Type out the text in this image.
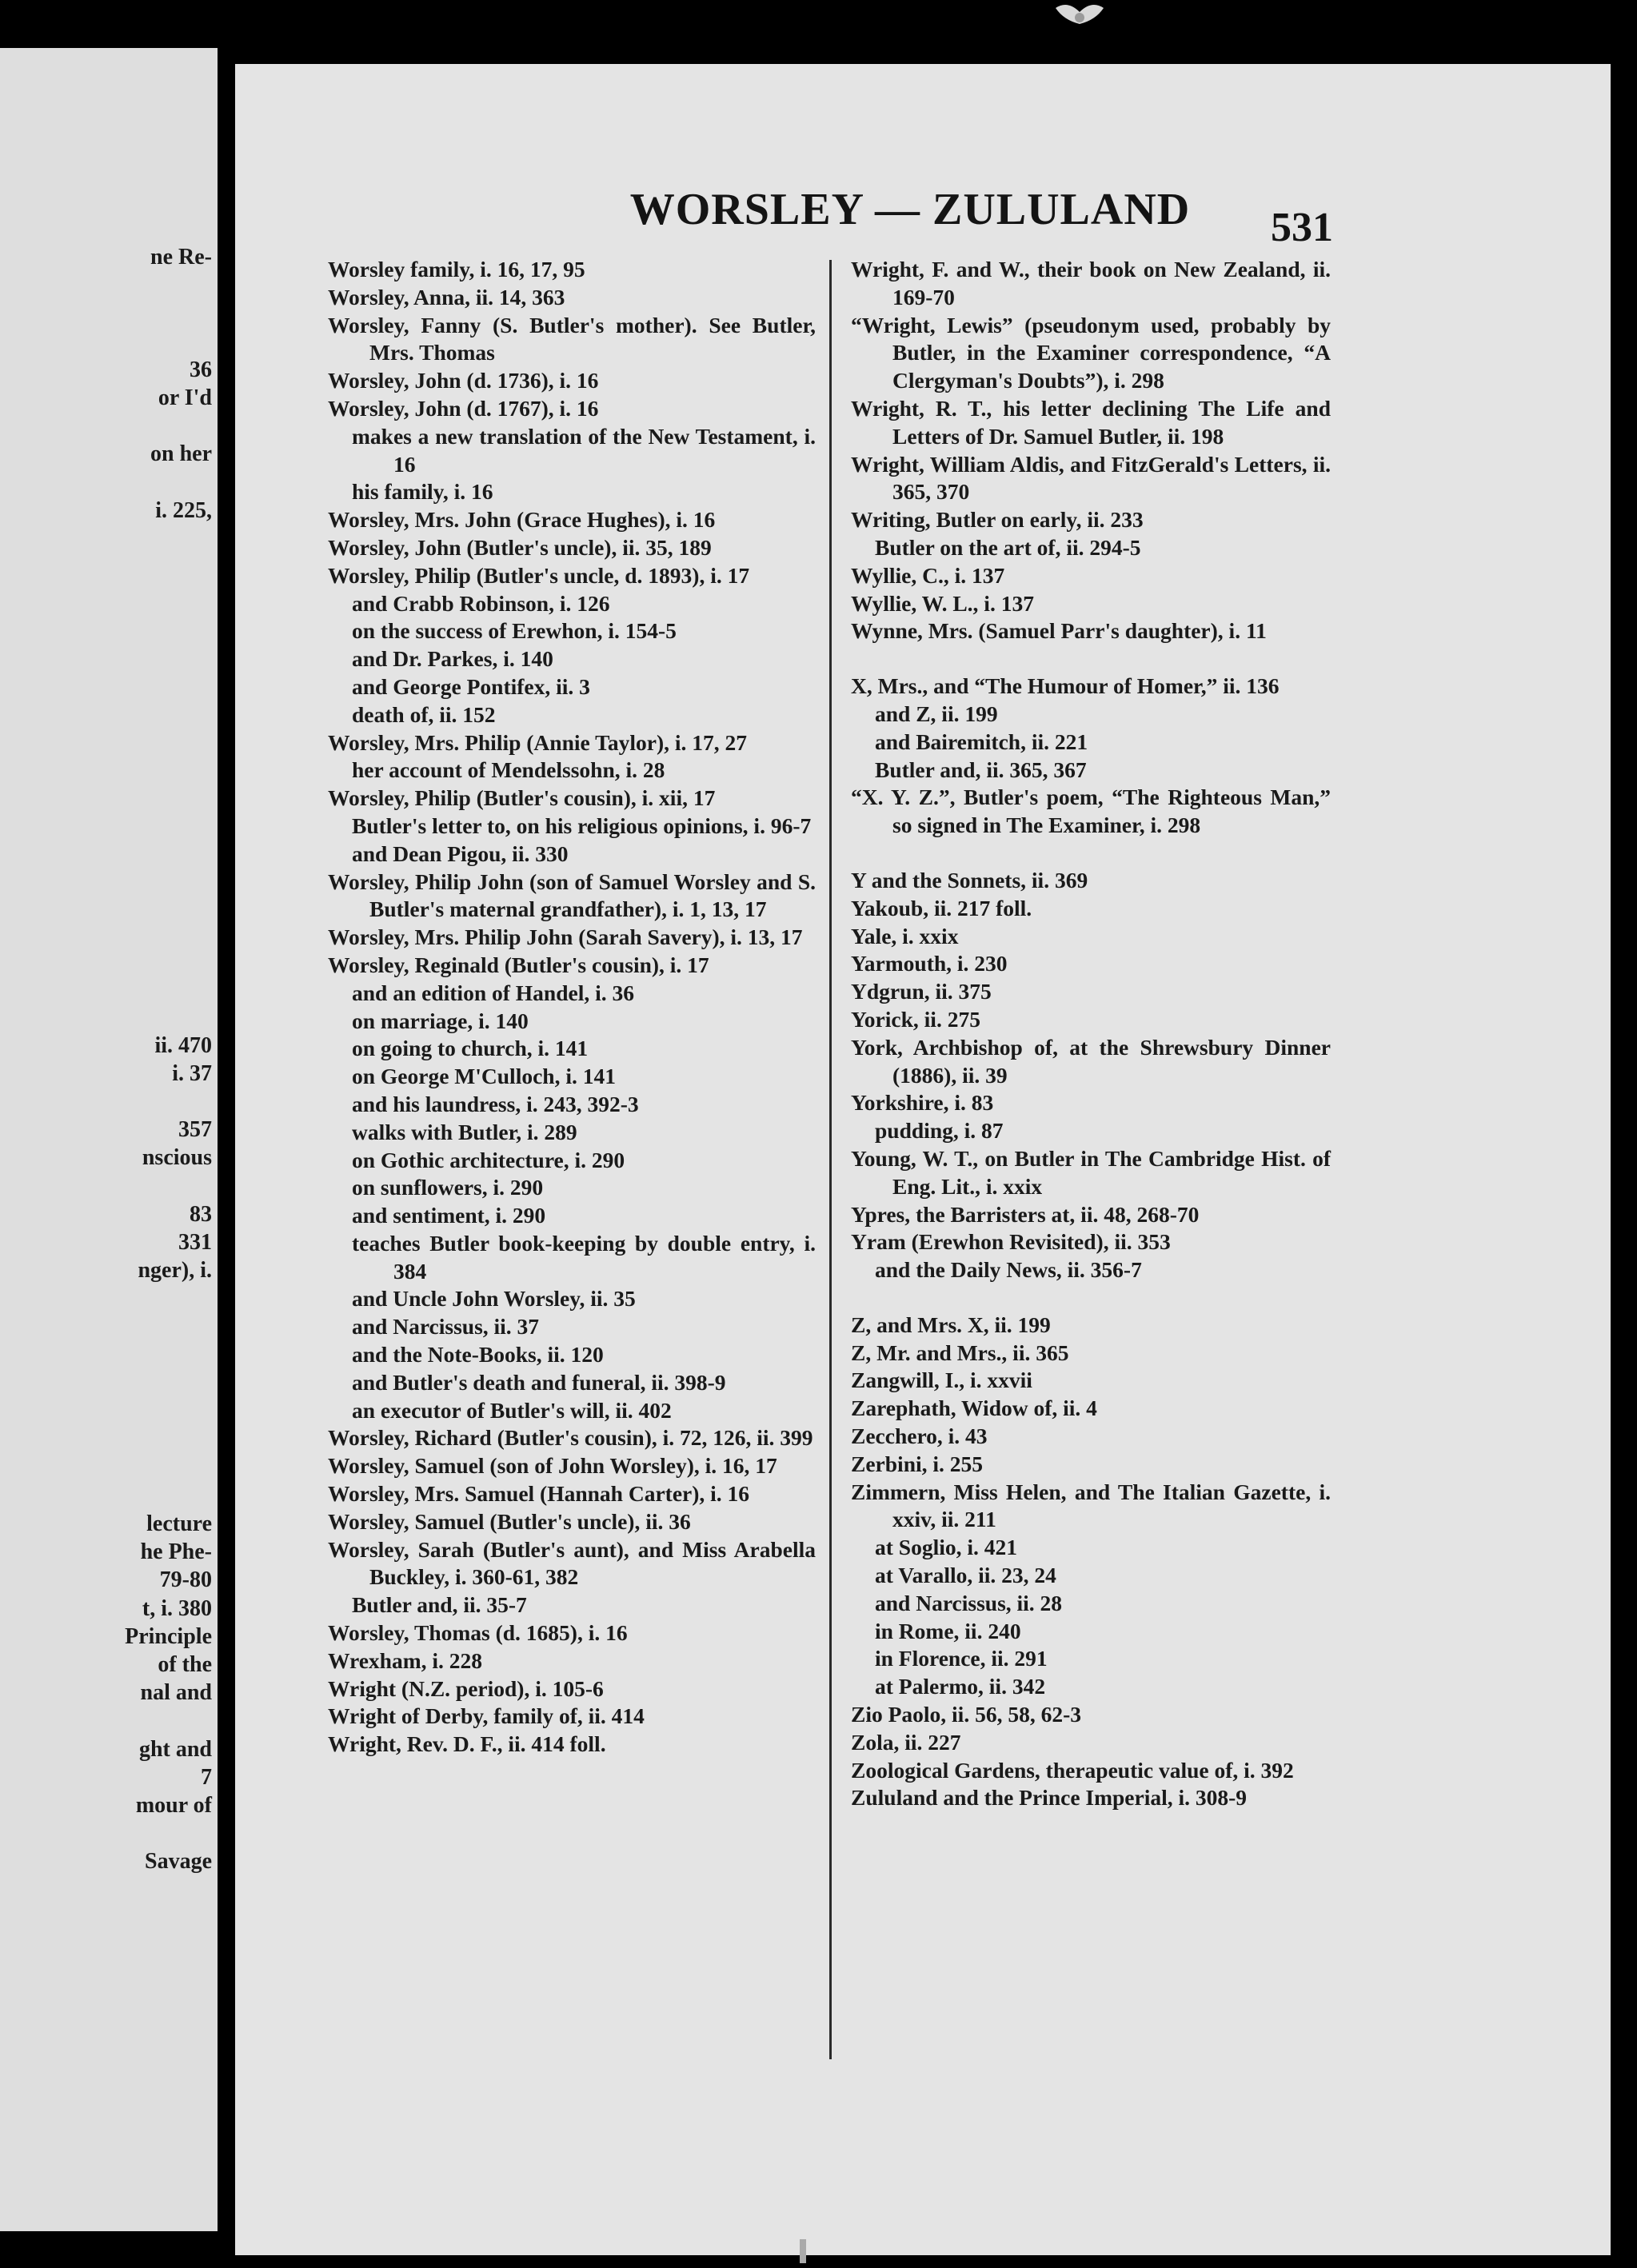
ne Re-
36
or I'd
on her
i. 225,
ii. 470
i. 37
357
nscious
83
331
nger), i.
lecture
he Phe-
79-80
t, i. 380
Principle
of the
nal and
ght and
7
mour of
Savage
WORSLEY — ZULULAND	531

Worsley family, i. 16, 17, 95

Worsley, Anna, ii. 14, 363

Worsley, Fanny (S. Butler's mother). See Butler, Mrs. Thomas

Worsley, John (d. 1736), i. 16

Worsley, John (d. 1767), i. 16

makes a new translation of the New Testament, i. 16

his family, i. 16

Worsley, Mrs. John (Grace Hughes), i. 16

Worsley, John (Butler's uncle), ii. 35, 189

Worsley, Philip (Butler's uncle, d. 1893), i. 17

and Crabb Robinson, i. 126

on the success of Erewhon, i. 154-5

and Dr. Parkes, i. 140

and George Pontifex, ii. 3

death of, ii. 152

Worsley, Mrs. Philip (Annie Taylor), i. 17, 27

her account of Mendelssohn, i. 28

Worsley, Philip (Butler's cousin), i. xii, 17

Butler's letter to, on his religious opinions, i. 96-7

and Dean Pigou, ii. 330

Worsley, Philip John (son of Samuel Worsley and S. Butler's maternal grandfather), i. 1, 13, 17

Worsley, Mrs. Philip John (Sarah Savery), i. 13, 17

Worsley, Reginald (Butler's cousin), i. 17

and an edition of Handel, i. 36

on marriage, i. 140

on going to church, i. 141

on George M'Culloch, i. 141

and his laundress, i. 243, 392-3

walks with Butler, i. 289

on Gothic architecture, i. 290

on sunflowers, i. 290

and sentiment, i. 290

teaches Butler book-keeping by double entry, i. 384

and Uncle John Worsley, ii. 35

and Narcissus, ii. 37

and the Note-Books, ii. 120

and Butler's death and funeral, ii. 398-9

an executor of Butler's will, ii. 402

Worsley, Richard (Butler's cousin), i. 72, 126, ii. 399

Worsley, Samuel (son of John Worsley), i. 16, 17

Worsley, Mrs. Samuel (Hannah Carter), i. 16

Worsley, Samuel (Butler's uncle), ii. 36

Worsley, Sarah (Butler's aunt), and Miss Arabella Buckley, i. 360-61, 382

Butler and, ii. 35-7

Worsley, Thomas (d. 1685), i. 16

Wrexham, i. 228

Wright (N.Z. period), i. 105-6

Wright of Derby, family of, ii. 414

Wright, Rev. D. F., ii. 414 foll.

Wright, F. and W., their book on New Zealand, ii. 169-70

“Wright, Lewis” (pseudonym used, probably by Butler, in the Examiner correspondence, “A Clergyman's Doubts”), i. 298

Wright, R. T., his letter declining The Life and Letters of Dr. Samuel Butler, ii. 198

Wright, William Aldis, and FitzGerald's Letters, ii. 365, 370

Writing, Butler on early, ii. 233

Butler on the art of, ii. 294-5

Wyllie, C., i. 137

Wyllie, W. L., i. 137

Wynne, Mrs. (Samuel Parr's daughter), i. 11

X, Mrs., and “The Humour of Homer,” ii. 136

and Z, ii. 199

and Bairemitch, ii. 221

Butler and, ii. 365, 367

“X. Y. Z.”, Butler's poem, “The Righteous Man,” so signed in The Examiner, i. 298

Y and the Sonnets, ii. 369

Yakoub, ii. 217 foll.

Yale, i. xxix

Yarmouth, i. 230

Ydgrun, ii. 375

Yorick, ii. 275

York, Archbishop of, at the Shrewsbury Dinner (1886), ii. 39

Yorkshire, i. 83

pudding, i. 87

Young, W. T., on Butler in The Cambridge Hist. of Eng. Lit., i. xxix

Ypres, the Barristers at, ii. 48, 268-70

Yram (Erewhon Revisited), ii. 353

and the Daily News, ii. 356-7

Z, and Mrs. X, ii. 199

Z, Mr. and Mrs., ii. 365

Zangwill, I., i. xxvii

Zarephath, Widow of, ii. 4

Zecchero, i. 43

Zerbini, i. 255

Zimmern, Miss Helen, and The Italian Gazette, i. xxiv, ii. 211

at Soglio, i. 421

at Varallo, ii. 23, 24

and Narcissus, ii. 28

in Rome, ii. 240

in Florence, ii. 291

at Palermo, ii. 342

Zio Paolo, ii. 56, 58, 62-3

Zola, ii. 227

Zoological Gardens, therapeutic value of, i. 392

Zululand and the Prince Imperial, i. 308-9
